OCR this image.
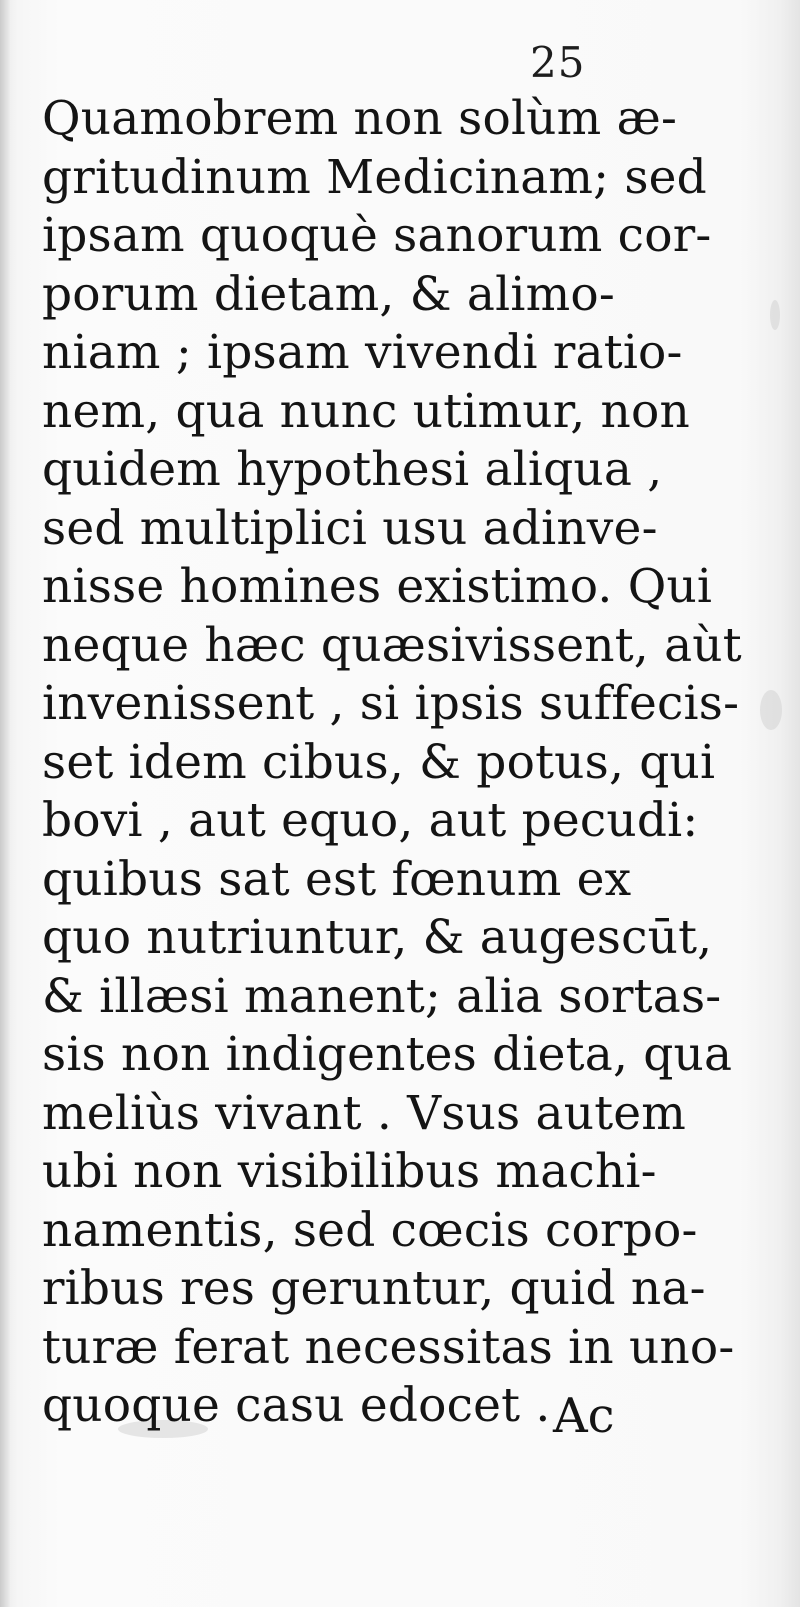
25
Quamobrem non solùm æ-
gritudinum Medicinam; sed
ipsam quoquè sanorum cor-
porum dietam, & alimo-
niam ; ipsam vivendi ratio-
nem, qua nunc utimur, non
quidem hypothesi aliqua ,
sed multiplici usu adinve-
nisse homines existimo. Qui
neque hæc quæsivissent, aùt
invenissent , si ipsis suffecis-
set idem cibus, & potus, qui
bovi , aut equo, aut pecudi:
quibus sat est fœnum ex
quo nutriuntur, & augescūt,
& illæsi manent; alia sortas-
sis non indigentes dieta, qua
meliùs vivant . Vsus autem
ubi non visibilibus machi-
namentis, sed cœcis corpo-
ribus res geruntur, quid na-
turæ ferat necessitas in uno-
quoque casu edocet . Ac
